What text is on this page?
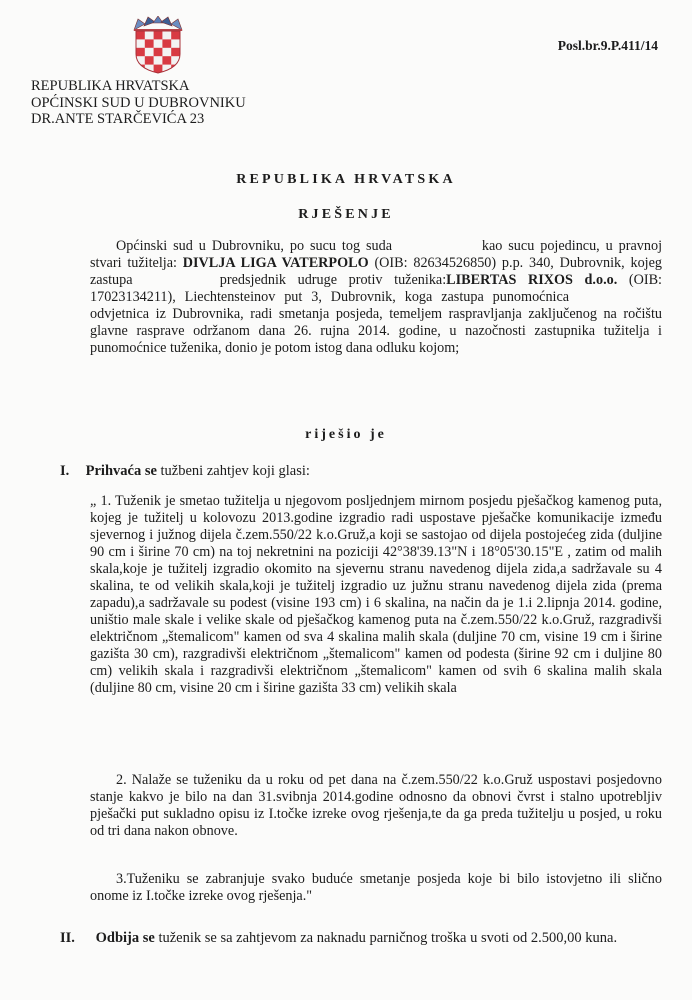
Posl.br.9.P.411/14
REPUBLIKA HRVATSKA
OPĆINSKI SUD U DUBROVNIKU
DR.ANTE STARČEVIĆA 23
REPUBLIKA HRVATSKA
RJEŠENJE
Općinski sud u Dubrovniku, po sucu tog suda	kao sucu pojedincu, u pravnoj stvari tužitelja: DIVLJA LIGA VATERPOLO (OIB: 82634526850) p.p. 340, Dubrovnik, kojeg zastupa	predsjednik udruge protiv tuženika:LIBERTAS RIXOS d.o.o. (OIB: 17023134211), Liechtensteinov put 3, Dubrovnik, koga zastupa punomoćnica  odvjetnica iz Dubrovnika, radi smetanja posjeda, temeljem raspravljanja zaključenog na ročištu glavne rasprave održanom dana 26. rujna 2014. godine, u nazočnosti zastupnika tužitelja i punomoćnice tuženika, donio je potom istog dana odluku kojom;
riješio je
I. Prihvaća se tužbeni zahtjev koji glasi:
„ 1. Tuženik je smetao tužitelja u njegovom posljednjem mirnom posjedu pješačkog kamenog puta, kojeg je tužitelj u kolovozu 2013.godine izgradio radi uspostave pješačke komunikacije između sjevernog i južnog dijela č.zem.550/22 k.o.Gruž,a koji se sastojao od dijela postojećeg zida (duljine 90 cm i širine 70 cm) na toj nekretnini na poziciji 42°38'39.13"N i 18°05'30.15"E , zatim od malih skala,koje je tužitelj izgradio okomito na sjevernu stranu navedenog dijela zida,a sadržavale su 4 skalina, te od velikih skala,koji je tužitelj izgradio uz južnu stranu navedenog dijela zida (prema zapadu),a sadržavale su podest (visine 193 cm) i 6 skalina, na način da je 1.i 2.lipnja 2014. godine, uništio male skale i velike skale od pješačkog kamenog puta na č.zem.550/22 k.o.Gruž, razgradivši električnom „štemalicom" kamen od sva 4 skalina malih skala (duljine 70 cm, visine 19 cm i širine gazišta 30 cm), razgradivši električnom „štemalicom" kamen od podesta (širine 92 cm i duljine 80 cm) velikih skala i razgradivši električnom „štemalicom" kamen od svih 6 skalina malih skala (duljine 80 cm, visine 20 cm i širine gazišta 33 cm) velikih skala
2. Nalaže se tuženiku da u roku od pet dana na č.zem.550/22 k.o.Gruž uspostavi posjedovno stanje kakvo je bilo na dan 31.svibnja 2014.godine odnosno da obnovi čvrst i stalno upotrebljiv pješački put sukladno opisu iz I.točke izreke ovog rješenja,te da ga preda tužitelju u posjed, u roku od tri dana nakon obnove.
3.Tuženiku se zabranjuje svako buduće smetanje posjeda koje bi bilo istovjetno ili slično onome iz I.točke izreke ovog rješenja."
II. Odbija se tuženik se sa zahtjevom za naknadu parničnog troška u svoti od 2.500,00 kuna.
